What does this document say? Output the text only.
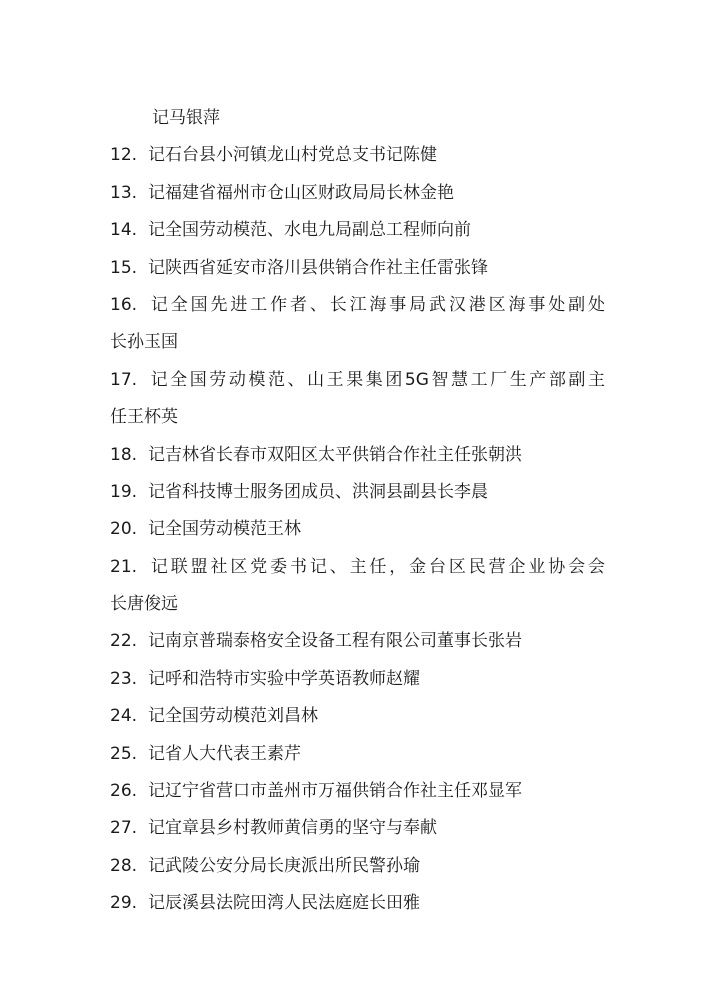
记马银萍
12. 记石台县小河镇龙山村党总支书记陈健
13. 记福建省福州市仓山区财政局局长林金艳
14. 记全国劳动模范、水电九局副总工程师向前
15. 记陕西省延安市洛川县供销合作社主任雷张锋
16. 记全国先进工作者、长江海事局武汉港区海事处副处
长孙玉国
17. 记全国劳动模范、山王果集团5G智慧工厂生产部副主
任王杯英
18. 记吉林省长春市双阳区太平供销合作社主任张朝洪
19. 记省科技博士服务团成员、洪洞县副县长李晨
20. 记全国劳动模范王林
21. 记联盟社区党委书记、主任，金台区民营企业协会会
长唐俊远
22. 记南京普瑞泰格安全设备工程有限公司董事长张岩
23. 记呼和浩特市实验中学英语教师赵耀
24. 记全国劳动模范刘昌林
25. 记省人大代表王素芹
26. 记辽宁省营口市盖州市万福供销合作社主任邓显军
27. 记宜章县乡村教师黄信勇的坚守与奉献
28. 记武陵公安分局长庚派出所民警孙瑜
29. 记辰溪县法院田湾人民法庭庭长田雅
